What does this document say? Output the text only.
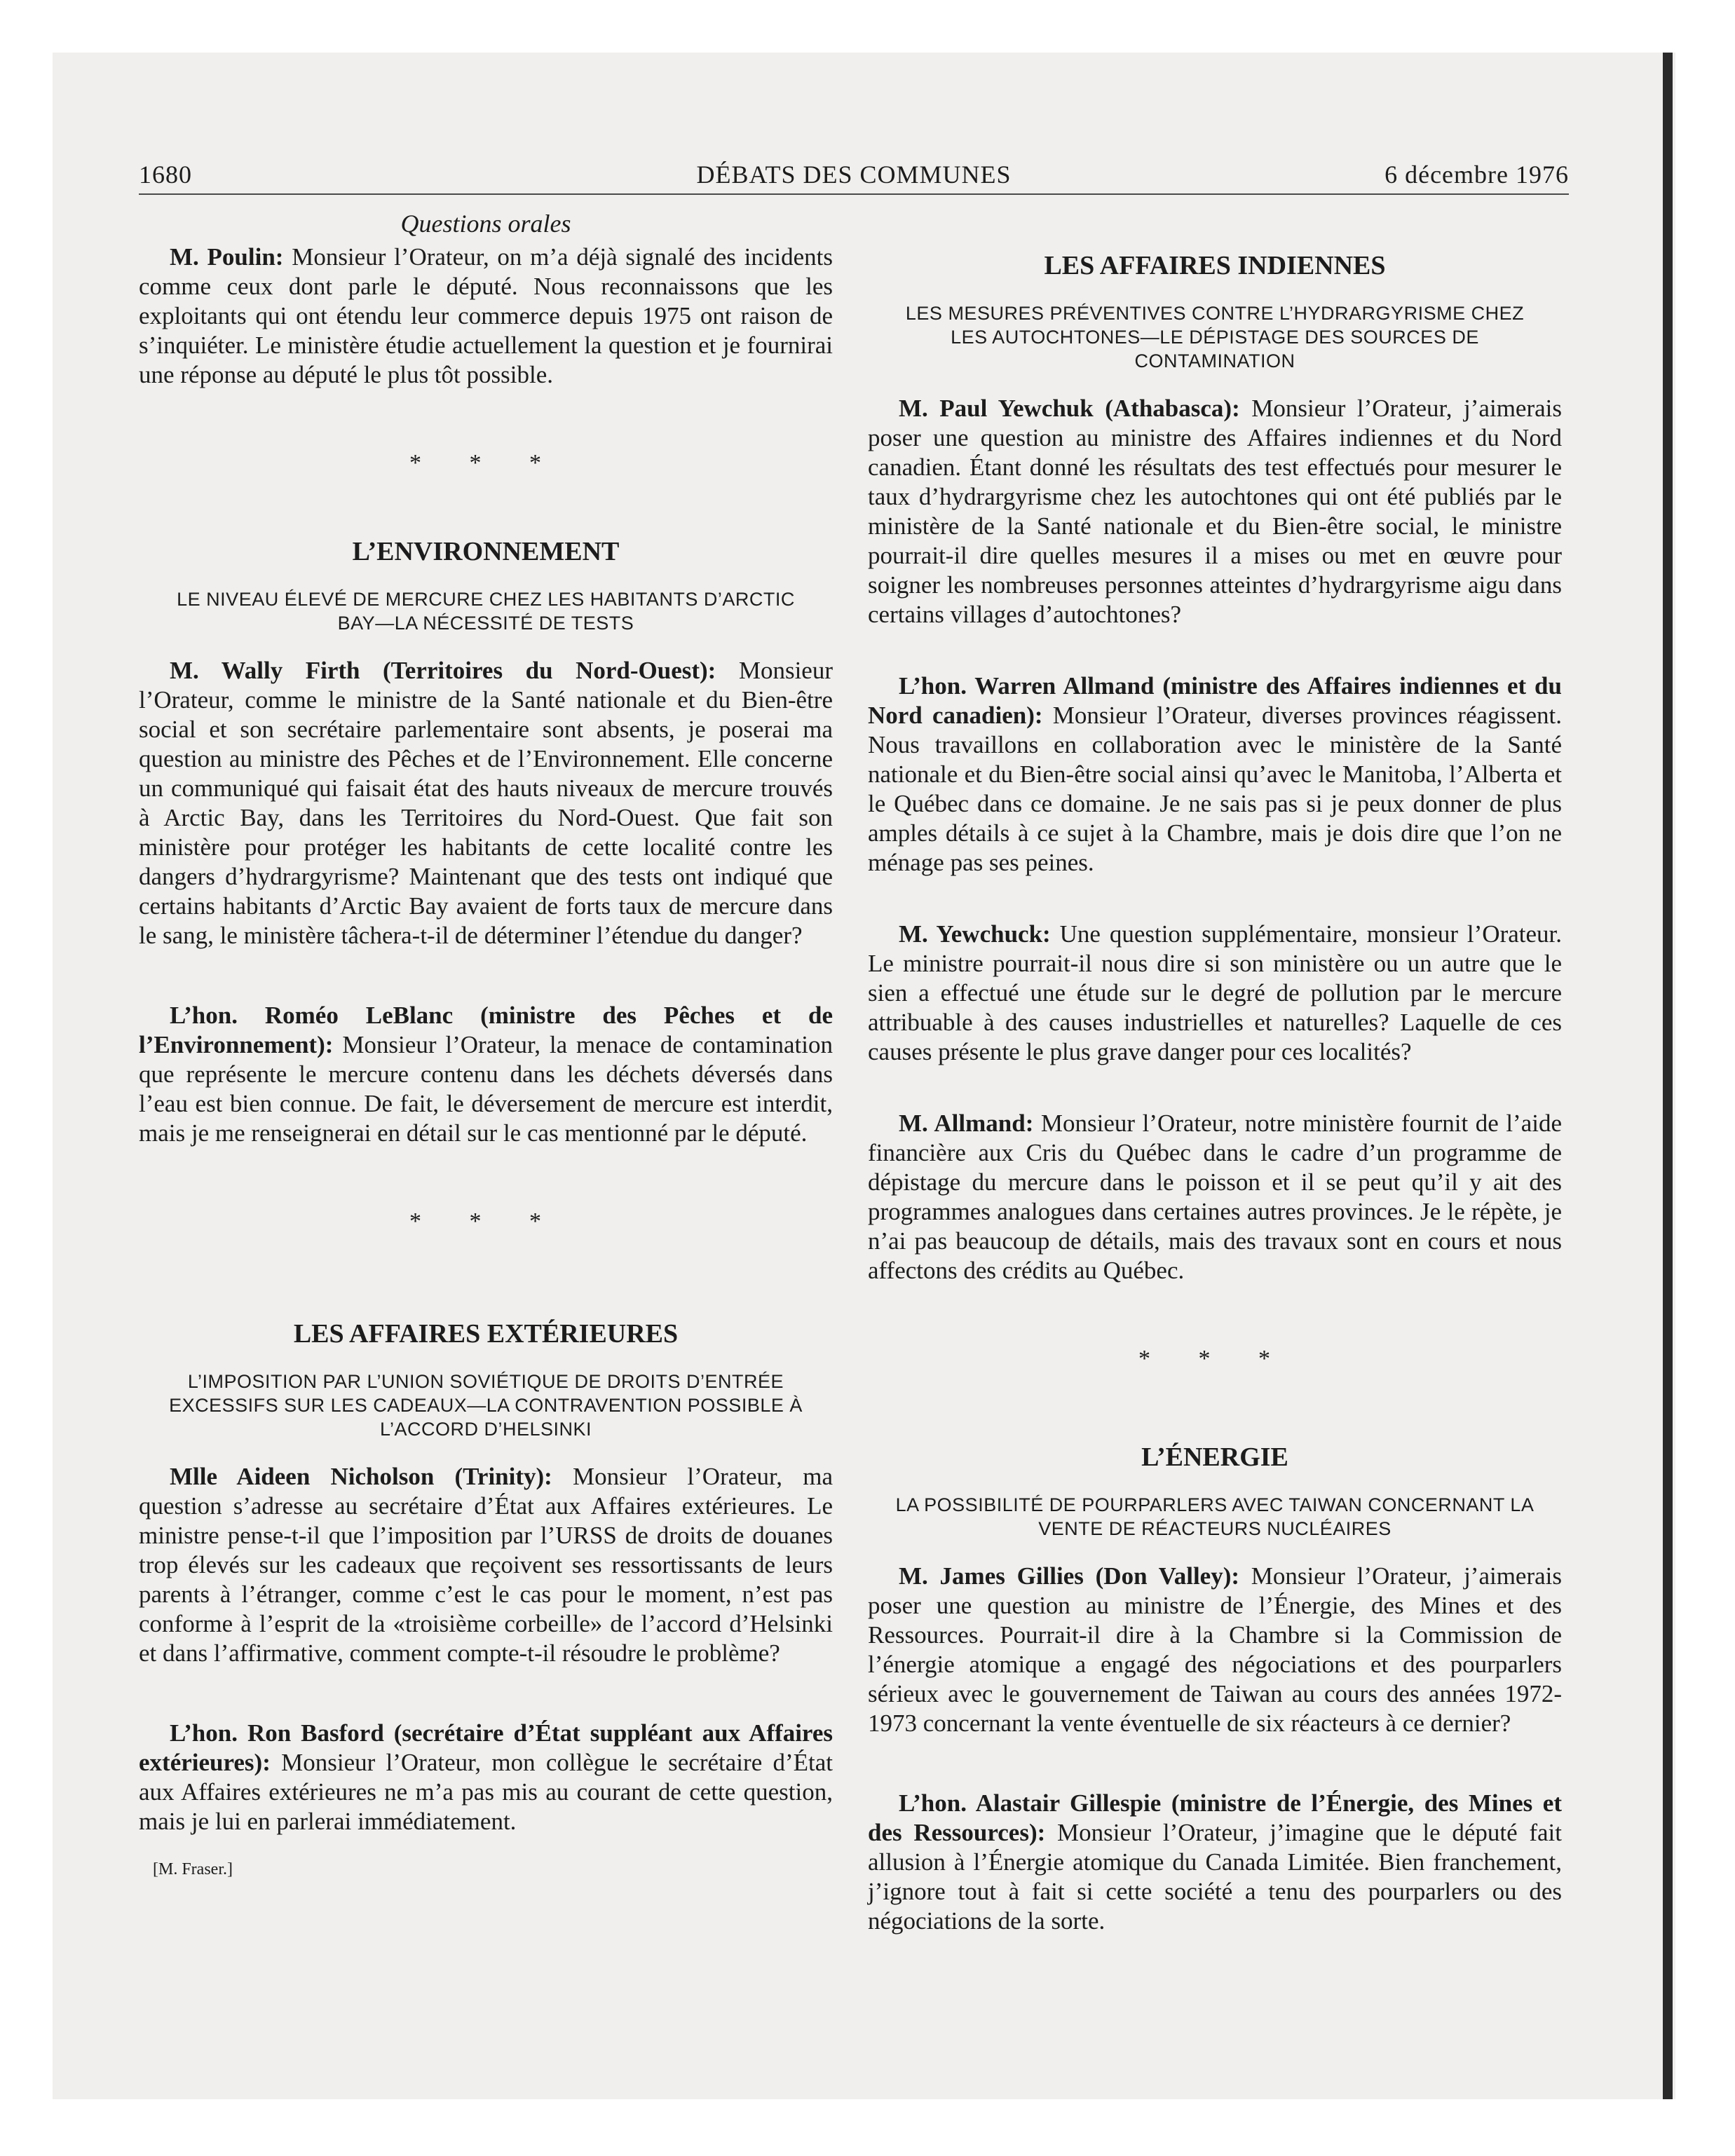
1680	DÉBATS DES COMMUNES	6 décembre 1976
Questions orales

M. Poulin: Monsieur l’Orateur, on m’a déjà signalé des incidents comme ceux dont parle le député. Nous reconnaissons que les exploitants qui ont étendu leur commerce depuis 1975 ont raison de s’inquiéter. Le ministère étudie actuellement la question et je fournirai une réponse au député le plus tôt possible.

* * *
L’ENVIRONNEMENT
LE NIVEAU ÉLEVÉ DE MERCURE CHEZ LES HABITANTS D’ARCTIC BAY—LA NÉCESSITÉ DE TESTS

M. Wally Firth (Territoires du Nord-Ouest): Monsieur l’Orateur, comme le ministre de la Santé nationale et du Bien-être social et son secrétaire parlementaire sont absents, je poserai ma question au ministre des Pêches et de l’Environnement. Elle concerne un communiqué qui faisait état des hauts niveaux de mercure trouvés à Arctic Bay, dans les Territoires du Nord-Ouest. Que fait son ministère pour protéger les habitants de cette localité contre les dangers d’hydrargyrisme? Maintenant que des tests ont indiqué que certains habitants d’Arctic Bay avaient de forts taux de mercure dans le sang, le ministère tâchera-t-il de déterminer l’étendue du danger?

L’hon. Roméo LeBlanc (ministre des Pêches et de l’Environnement): Monsieur l’Orateur, la menace de contamination que représente le mercure contenu dans les déchets déversés dans l’eau est bien connue. De fait, le déversement de mercure est interdit, mais je me renseignerai en détail sur le cas mentionné par le député.

* * *
LES AFFAIRES EXTÉRIEURES
L’IMPOSITION PAR L’UNION SOVIÉTIQUE DE DROITS D’ENTRÉE EXCESSIFS SUR LES CADEAUX—LA CONTRAVENTION POSSIBLE À L’ACCORD D’HELSINKI

Mlle Aideen Nicholson (Trinity): Monsieur l’Orateur, ma question s’adresse au secrétaire d’État aux Affaires extérieures. Le ministre pense-t-il que l’imposition par l’URSS de droits de douanes trop élevés sur les cadeaux que reçoivent ses ressortissants de leurs parents à l’étranger, comme c’est le cas pour le moment, n’est pas conforme à l’esprit de la «troisième corbeille» de l’accord d’Helsinki et dans l’affirmative, comment compte-t-il résoudre le problème?

L’hon. Ron Basford (secrétaire d’État suppléant aux Affaires extérieures): Monsieur l’Orateur, mon collègue le secrétaire d’État aux Affaires extérieures ne m’a pas mis au courant de cette question, mais je lui en parlerai immédiatement.

[M. Fraser.]
LES AFFAIRES INDIENNES
LES MESURES PRÉVENTIVES CONTRE L’HYDRARGYRISME CHEZ LES AUTOCHTONES—LE DÉPISTAGE DES SOURCES DE CONTAMINATION

M. Paul Yewchuk (Athabasca): Monsieur l’Orateur, j’aimerais poser une question au ministre des Affaires indiennes et du Nord canadien. Étant donné les résultats des test effectués pour mesurer le taux d’hydrargyrisme chez les autochtones qui ont été publiés par le ministère de la Santé nationale et du Bien-être social, le ministre pourrait-il dire quelles mesures il a mises ou met en œuvre pour soigner les nombreuses personnes atteintes d’hydrargyrisme aigu dans certains villages d’autochtones?

L’hon. Warren Allmand (ministre des Affaires indiennes et du Nord canadien): Monsieur l’Orateur, diverses provinces réagissent. Nous travaillons en collaboration avec le ministère de la Santé nationale et du Bien-être social ainsi qu’avec le Manitoba, l’Alberta et le Québec dans ce domaine. Je ne sais pas si je peux donner de plus amples détails à ce sujet à la Chambre, mais je dois dire que l’on ne ménage pas ses peines.

M. Yewchuck: Une question supplémentaire, monsieur l’Orateur. Le ministre pourrait-il nous dire si son ministère ou un autre que le sien a effectué une étude sur le degré de pollution par le mercure attribuable à des causes industrielles et naturelles? Laquelle de ces causes présente le plus grave danger pour ces localités?

M. Allmand: Monsieur l’Orateur, notre ministère fournit de l’aide financière aux Cris du Québec dans le cadre d’un programme de dépistage du mercure dans le poisson et il se peut qu’il y ait des programmes analogues dans certaines autres provinces. Je le répète, je n’ai pas beaucoup de détails, mais des travaux sont en cours et nous affectons des crédits au Québec.

* * *
L’ÉNERGIE
LA POSSIBILITÉ DE POURPARLERS AVEC TAIWAN CONCERNANT LA VENTE DE RÉACTEURS NUCLÉAIRES

M. James Gillies (Don Valley): Monsieur l’Orateur, j’aimerais poser une question au ministre de l’Énergie, des Mines et des Ressources. Pourrait-il dire à la Chambre si la Commission de l’énergie atomique a engagé des négociations et des pourparlers sérieux avec le gouvernement de Taiwan au cours des années 1972-1973 concernant la vente éventuelle de six réacteurs à ce dernier?

L’hon. Alastair Gillespie (ministre de l’Énergie, des Mines et des Ressources): Monsieur l’Orateur, j’imagine que le député fait allusion à l’Énergie atomique du Canada Limitée. Bien franchement, j’ignore tout à fait si cette société a tenu des pourparlers ou des négociations de la sorte.
